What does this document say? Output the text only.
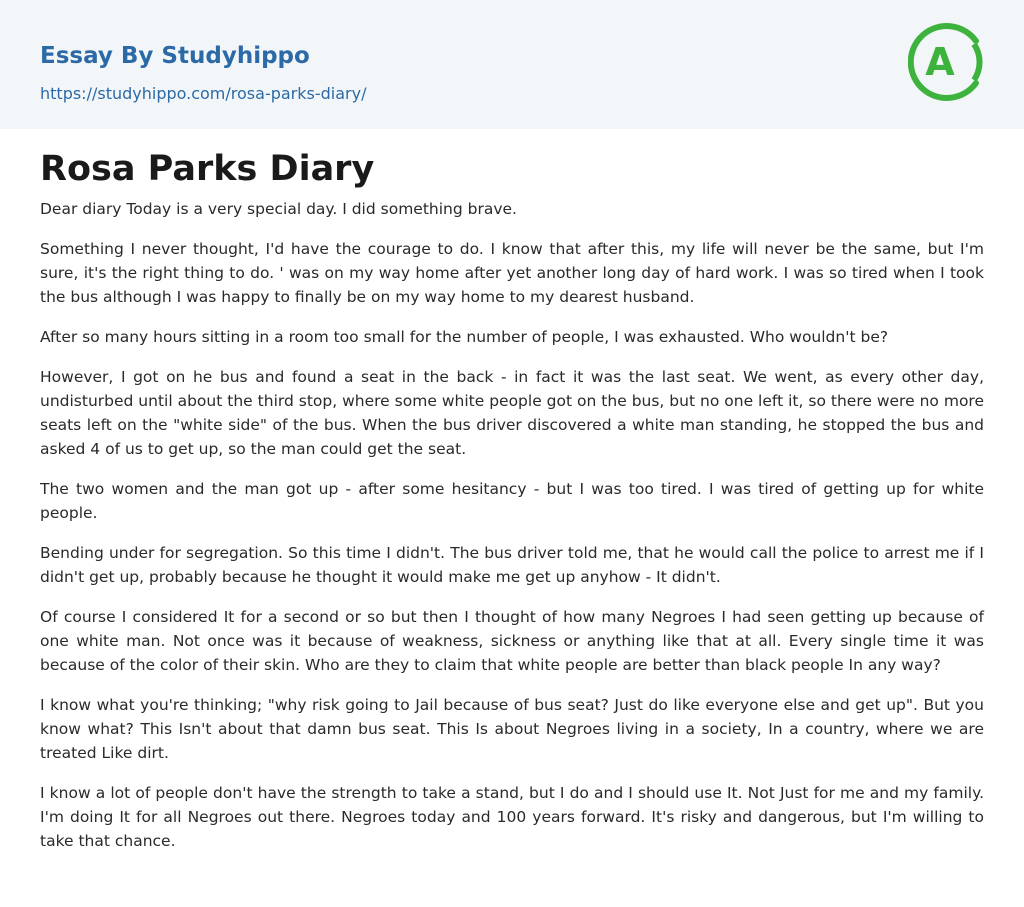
Essay By Studyhippo
https://studyhippo.com/rosa-parks-diary/
A
Rosa Parks Diary

Dear diary Today is a very special day. I did something brave.

Something I never thought, I'd have the courage to do. I know that after this, my life will never be the same, but I'm sure, it's the right thing to do. ' was on my way home after yet another long day of hard work. I was so tired when I took the bus although I was happy to finally be on my way home to my dearest husband.

After so many hours sitting in a room too small for the number of people, I was exhausted. Who wouldn't be?

However, I got on he bus and found a seat in the back - in fact it was the last seat. We went, as every other day, undisturbed until about the third stop, where some white people got on the bus, but no one left it, so there were no more seats left on the "white side" of the bus. When the bus driver discovered a white man standing, he stopped the bus and asked 4 of us to get up, so the man could get the seat.

The two women and the man got up - after some hesitancy - but I was too tired. I was tired of getting up for white people.

Bending under for segregation. So this time I didn't. The bus driver told me, that he would call the police to arrest me if I didn't get up, probably because he thought it would make me get up anyhow - It didn't.

Of course I considered It for a second or so but then I thought of how many Negroes I had seen getting up because of one white man. Not once was it because of weakness, sickness or anything like that at all. Every single time it was because of the color of their skin. Who are they to claim that white people are better than black people In any way?

I know what you're thinking; "why risk going to Jail because of bus seat? Just do like everyone else and get up". But you know what? This Isn't about that damn bus seat. This Is about Negroes living in a society, In a country, where we are treated Like dirt.

I know a lot of people don't have the strength to take a stand, but I do and I should use It. Not Just for me and my family. I'm doing It for all Negroes out there. Negroes today and 100 years forward. It's risky and dangerous, but I'm willing to take that chance.
